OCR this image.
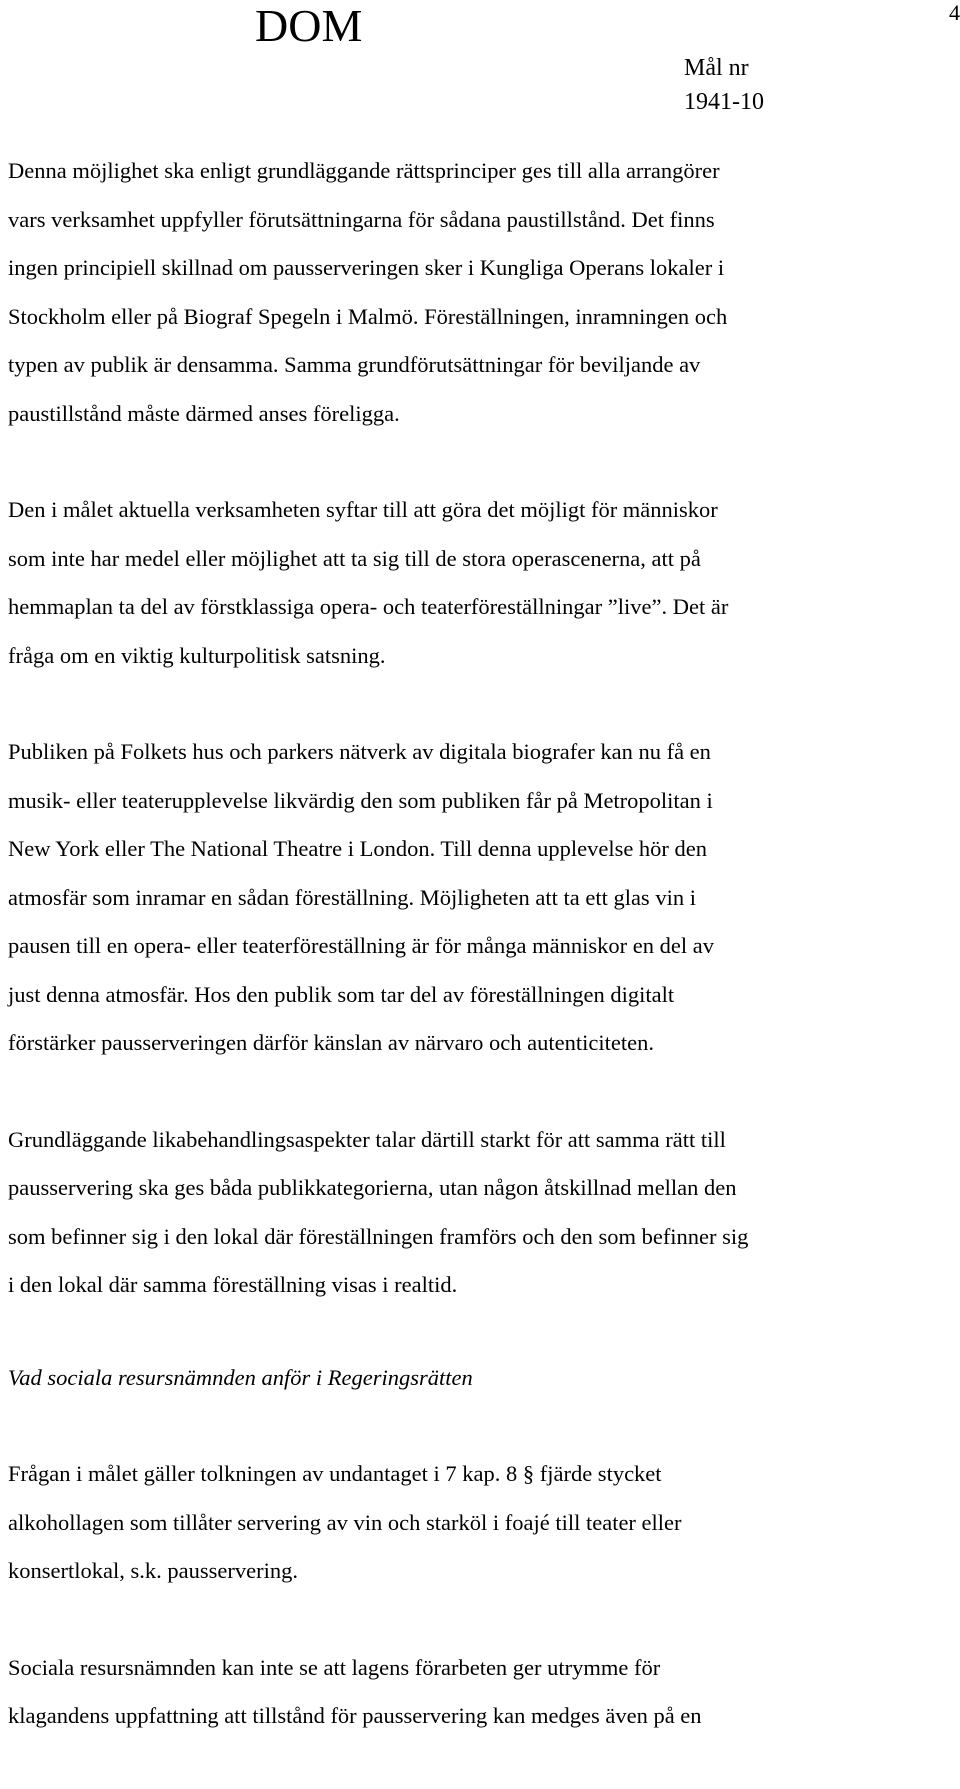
DOM	4
Mål nr
1941-10
Denna möjlighet ska enligt grundläggande rättsprinciper ges till alla arrangörer
vars verksamhet uppfyller förutsättningarna för sådana paustillstånd. Det finns
ingen principiell skillnad om pausserveringen sker i Kungliga Operans lokaler i
Stockholm eller på Biograf Spegeln i Malmö. Föreställningen, inramningen och
typen av publik är densamma. Samma grundförutsättningar för beviljande av
paustillstånd måste därmed anses föreligga.
Den i målet aktuella verksamheten syftar till att göra det möjligt för människor
som inte har medel eller möjlighet att ta sig till de stora operascenerna, att på
hemmaplan ta del av förstklassiga opera- och teaterföreställningar ”live”. Det är
fråga om en viktig kulturpolitisk satsning.
Publiken på Folkets hus och parkers nätverk av digitala biografer kan nu få en
musik- eller teaterupplevelse likvärdig den som publiken får på Metropolitan i
New York eller The National Theatre i London. Till denna upplevelse hör den
atmosfär som inramar en sådan föreställning. Möjligheten att ta ett glas vin i
pausen till en opera- eller teaterföreställning är för många människor en del av
just denna atmosfär. Hos den publik som tar del av föreställningen digitalt
förstärker pausserveringen därför känslan av närvaro och autenticiteten.
Grundläggande likabehandlingsaspekter talar därtill starkt för att samma rätt till
pausservering ska ges båda publikkategorierna, utan någon åtskillnad mellan den
som befinner sig i den lokal där föreställningen framförs och den som befinner sig
i den lokal där samma föreställning visas i realtid.
Vad sociala resursnämnden anför i Regeringsrätten
Frågan i målet gäller tolkningen av undantaget i 7 kap. 8 § fjärde stycket
alkohollagen som tillåter servering av vin och starköl i foajé till teater eller
konsertlokal, s.k. pausservering.
Sociala resursnämnden kan inte se att lagens förarbeten ger utrymme för
klagandens uppfattning att tillstånd för pausservering kan medges även på en
